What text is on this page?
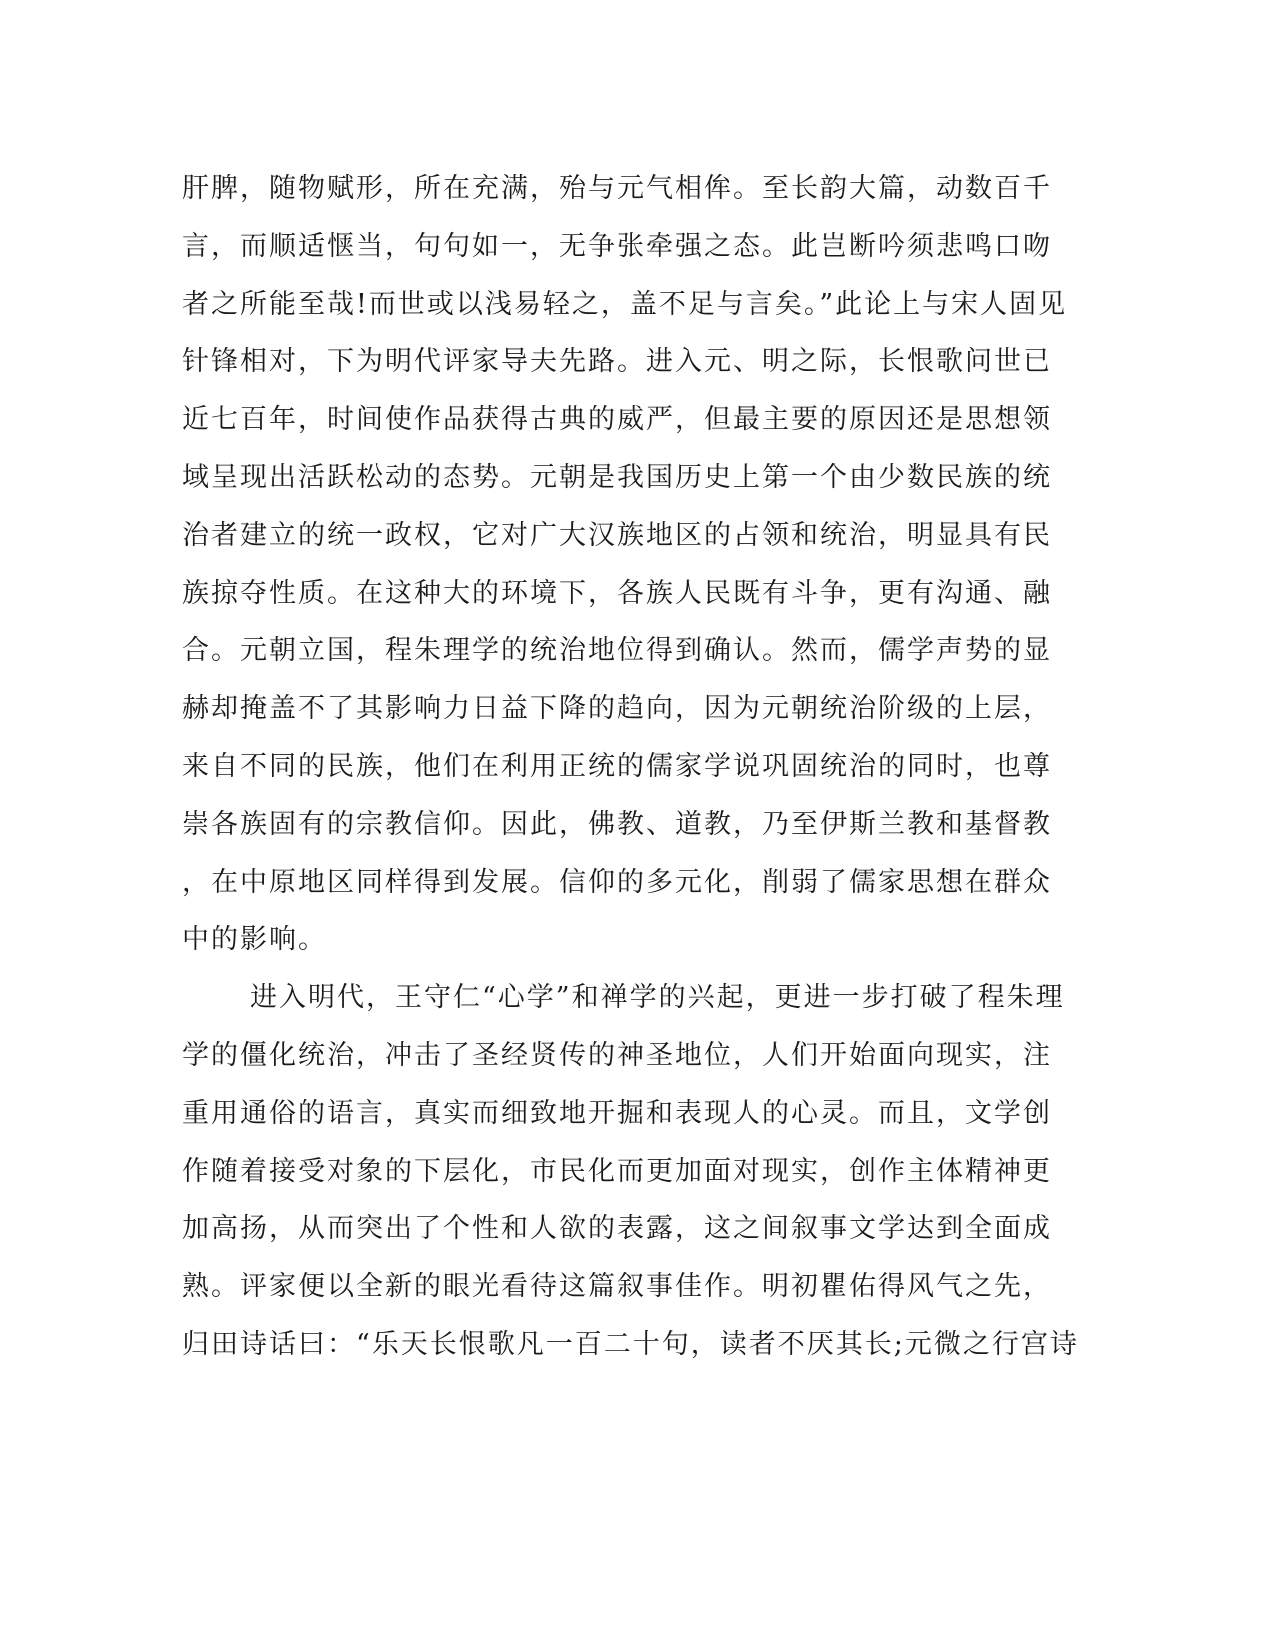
肝脾，随物赋形，所在充满，殆与元气相侔。至长韵大篇，动数百千
言，而顺适惬当，句句如一，无争张牵强之态。此岂断吟须悲鸣口吻
者之所能至哉!而世或以浅易轻之，盖不足与言矣。”此论上与宋人固见
针锋相对，下为明代评家导夫先路。进入元、明之际，长恨歌问世已
近七百年，时间使作品获得古典的威严，但最主要的原因还是思想领
域呈现出活跃松动的态势。元朝是我国历史上第一个由少数民族的统
治者建立的统一政权，它对广大汉族地区的占领和统治，明显具有民
族掠夺性质。在这种大的环境下，各族人民既有斗争，更有沟通、融
合。元朝立国，程朱理学的统治地位得到确认。然而，儒学声势的显
赫却掩盖不了其影响力日益下降的趋向，因为元朝统治阶级的上层，
来自不同的民族，他们在利用正统的儒家学说巩固统治的同时，也尊
崇各族固有的宗教信仰。因此，佛教、道教，乃至伊斯兰教和基督教
，在中原地区同样得到发展。信仰的多元化，削弱了儒家思想在群众
中的影响。
进入明代，王守仁“心学”和禅学的兴起，更进一步打破了程朱理
学的僵化统治，冲击了圣经贤传的神圣地位，人们开始面向现实，注
重用通俗的语言，真实而细致地开掘和表现人的心灵。而且，文学创
作随着接受对象的下层化，市民化而更加面对现实，创作主体精神更
加高扬，从而突出了个性和人欲的表露，这之间叙事文学达到全面成
熟。评家便以全新的眼光看待这篇叙事佳作。明初瞿佑得风气之先，
归田诗话曰：“乐天长恨歌凡一百二十句，读者不厌其长;元微之行宫诗
